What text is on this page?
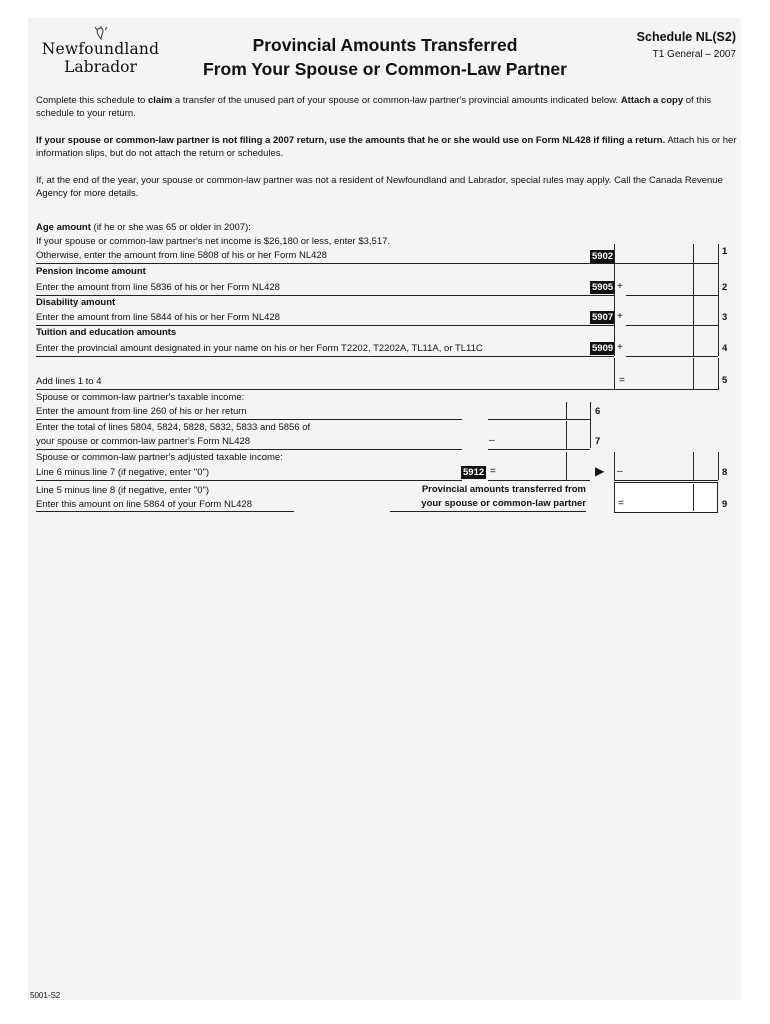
Newfoundland
Labrador
Provincial Amounts Transferred
From Your Spouse or Common-Law Partner
Schedule NL(S2)
T1 General – 2007
Complete this schedule to claim a transfer of the unused part of your spouse or common-law partner's provincial amounts indicated below. Attach a copy of this schedule to your return.
If your spouse or common-law partner is not filing a 2007 return, use the amounts that he or she would use on Form NL428 if filing a return. Attach his or her information slips, but do not attach the return or schedules.
If, at the end of the year, your spouse or common-law partner was not a resident of Newfoundland and Labrador, special rules may apply. Call the Canada Revenue Agency for more details.
Age amount (if he or she was 65 or older in 2007):
If your spouse or common-law partner's net income is $26,180 or less, enter $3,517.
Otherwise, enter the amount from line 5808 of his or her Form NL428	5902	1
Pension income amount
Enter the amount from line 5836 of his or her Form NL428	5905 +	2
Disability amount
Enter the amount from line 5844 of his or her Form NL428	5907 +	3
Tuition and education amounts
Enter the provincial amount designated in your name on his or her Form T2202, T2202A, TL11A, or TL11C	5909 +	4
Add lines 1 to 4	=	5
Spouse or common-law partner's taxable income:
Enter the amount from line 260 of his or her return	6
Enter the total of lines 5804, 5824, 5828, 5832, 5833 and 5856 of
your spouse or common-law partner's Form NL428	–	7
Spouse or common-law partner's adjusted taxable income:
Line 6 minus line 7 (if negative, enter "0")	5912 =	▶ –	8
Line 5 minus line 8 (if negative, enter "0")
Enter this amount on line 5864 of your Form NL428
Provincial amounts transferred from
your spouse or common-law partner	=	9
5001-S2
